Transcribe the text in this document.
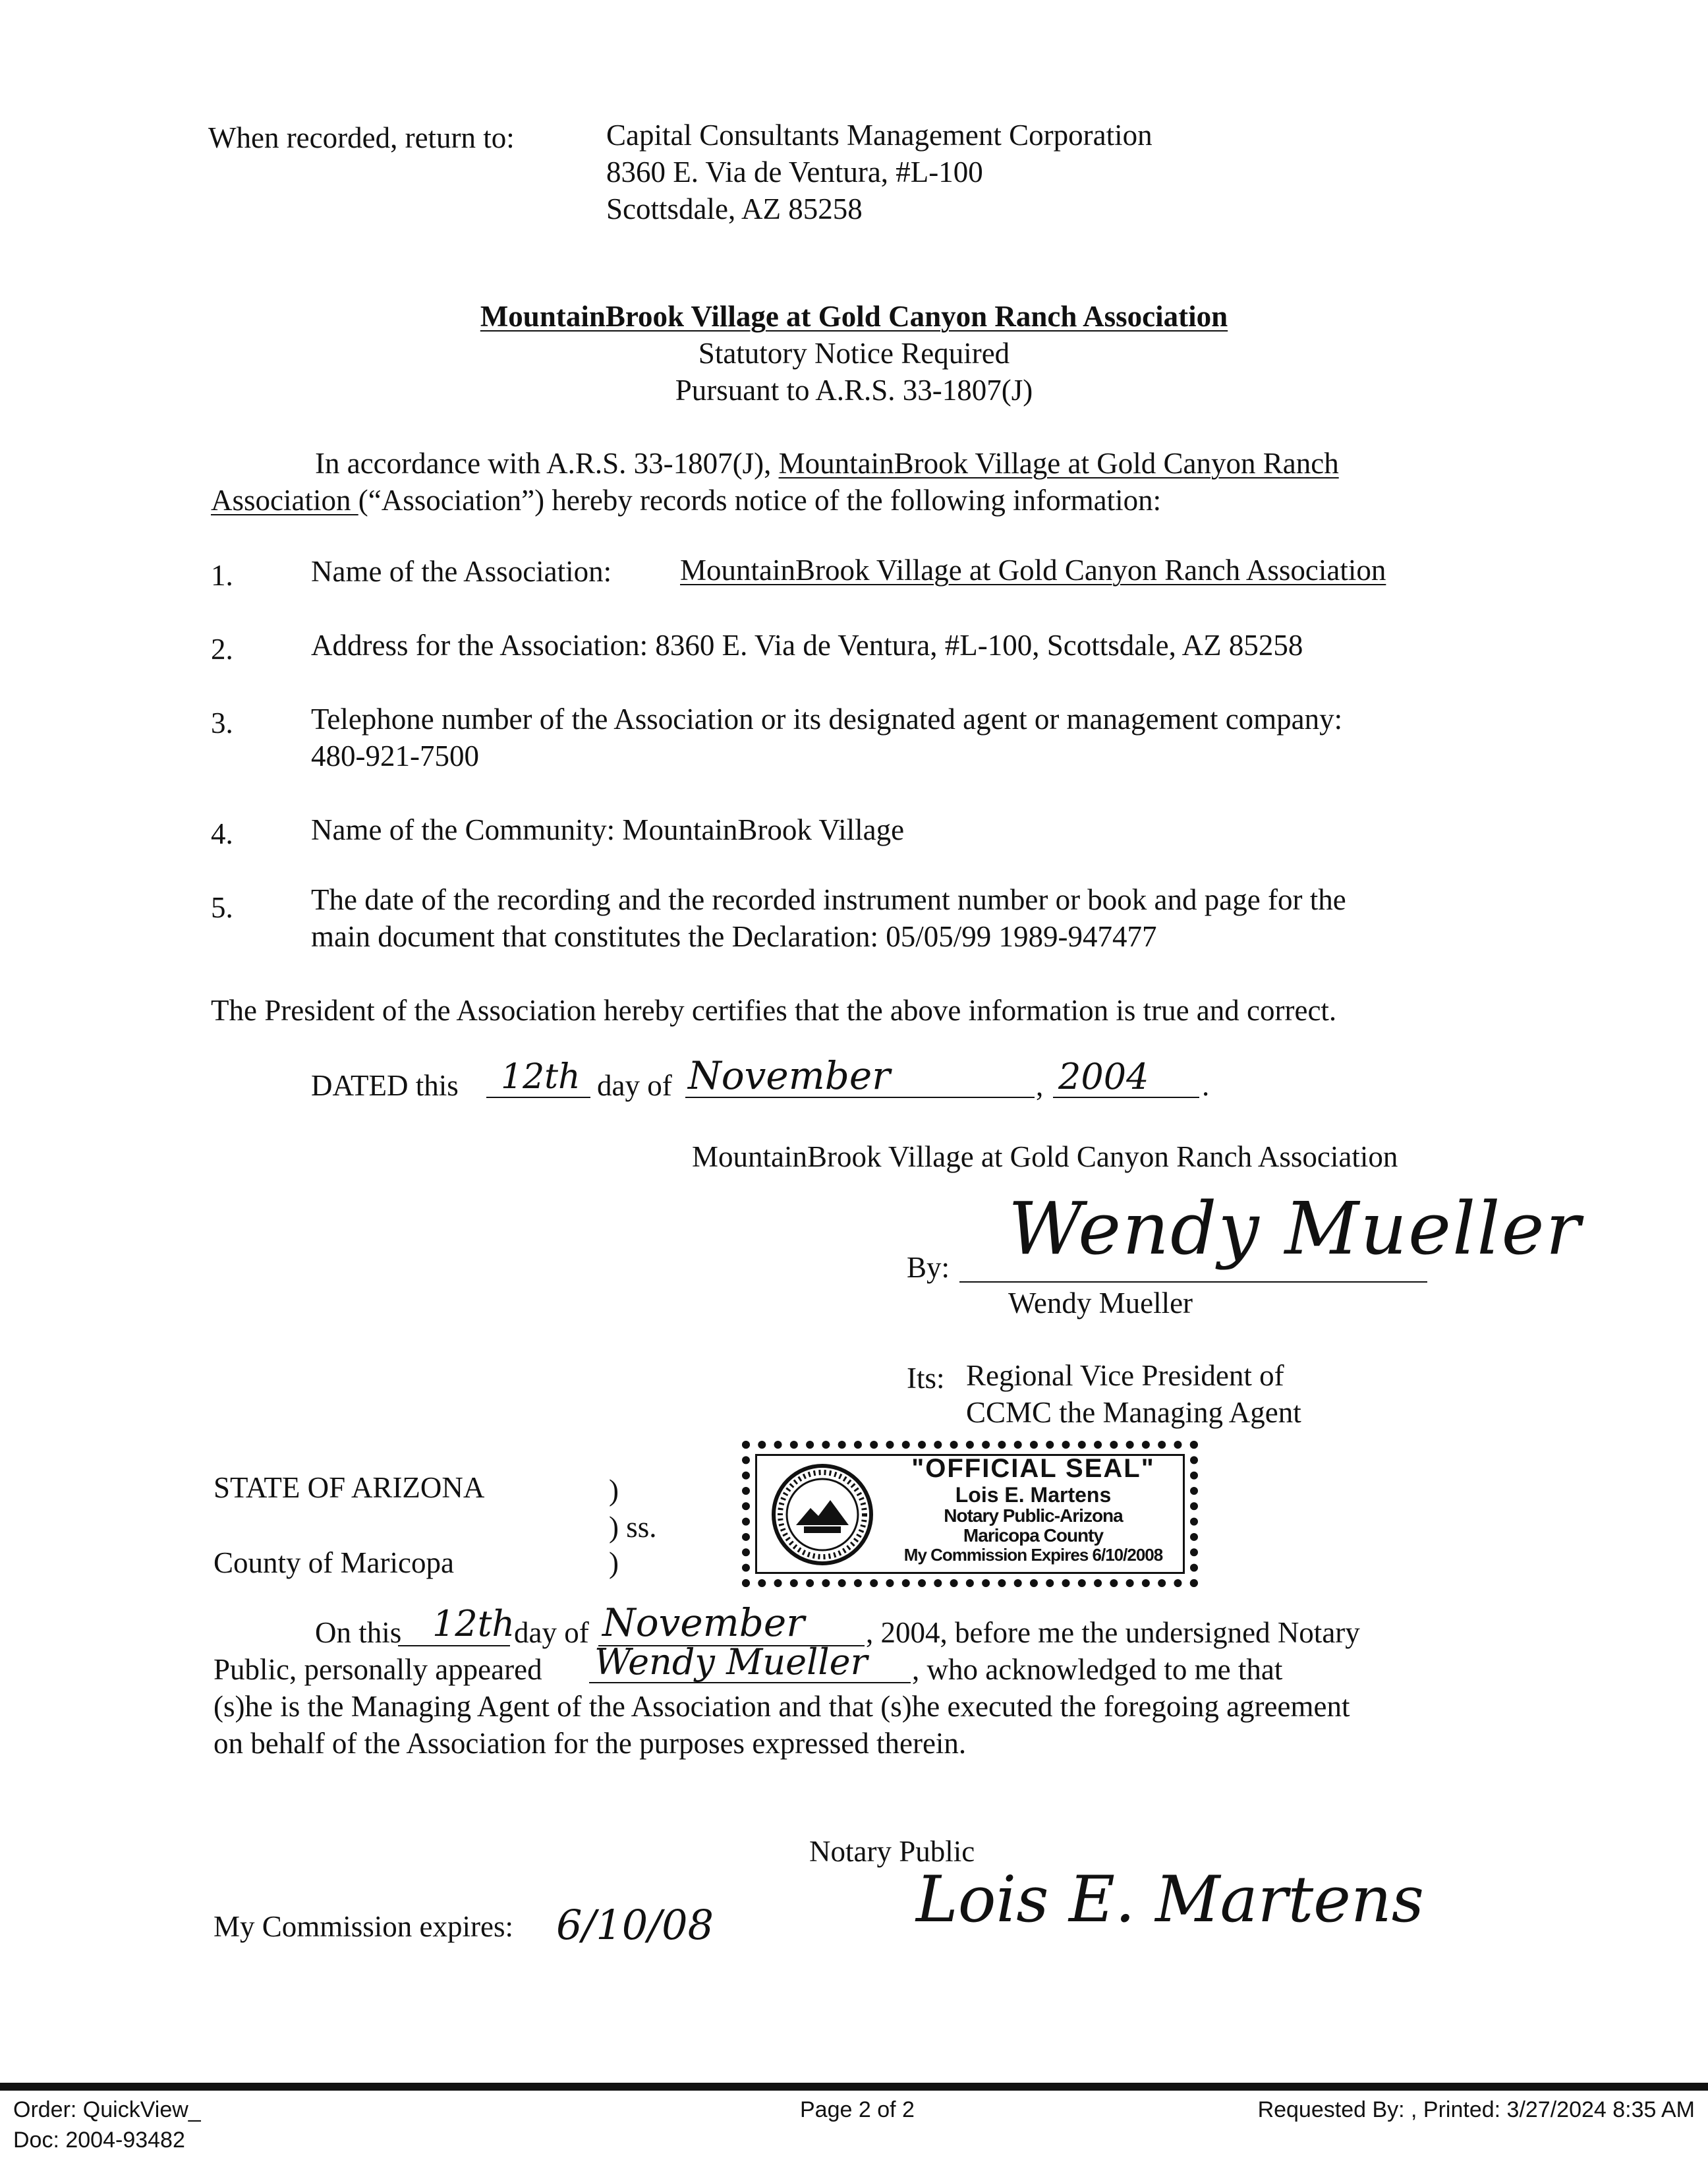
When recorded, return to:	Capital Consultants Management Corporation
8360 E. Via de Ventura, #L-100
Scottsdale, AZ 85258
MountainBrook Village at Gold Canyon Ranch Association
Statutory Notice Required
Pursuant to A.R.S. 33-1807(J)
In accordance with A.R.S. 33-1807(J), MountainBrook Village at Gold Canyon Ranch
Association (“Association”) hereby records notice of the following information:
1.	Name of the Association: MountainBrook Village at Gold Canyon Ranch Association
2.	Address for the Association: 8360 E. Via de Ventura, #L-100, Scottsdale, AZ 85258
3.	Telephone number of the Association or its designated agent or management company:
480-921-7500
4.	Name of the Community: MountainBrook Village
5.	The date of the recording and the recorded instrument number or book and page for the
main document that constitutes the Declaration: 05/05/99 1989-947477
The President of the Association hereby certifies that the above information is true and correct.
DATED this 12th day of November	, 2004 .
MountainBrook Village at Gold Canyon Ranch Association
By: Wendy Mueller
Wendy Mueller
Its: Regional Vice President of
CCMC the Managing Agent
STATE OF ARIZONA	)
) ss.
County of Maricopa	)
"OFFICIAL SEAL"
Lois E. Martens
Notary Public-Arizona
Maricopa County
My Commission Expires 6/10/2008
On this 12th
day of November , 2004, before me the undersigned Notary
Public, personally appeared Wendy Mueller , who acknowledged to me that
(s)he is the Managing Agent of the Association and that (s)he executed the foregoing agreement
on behalf of the Association for the purposes expressed therein.
Notary Public
Lois E. Martens
My Commission expires: 6/10/08
Order: QuickView_
Doc: 2004-93482
Page 2 of 2	Requested By: , Printed: 3/27/2024 8:35 AM
